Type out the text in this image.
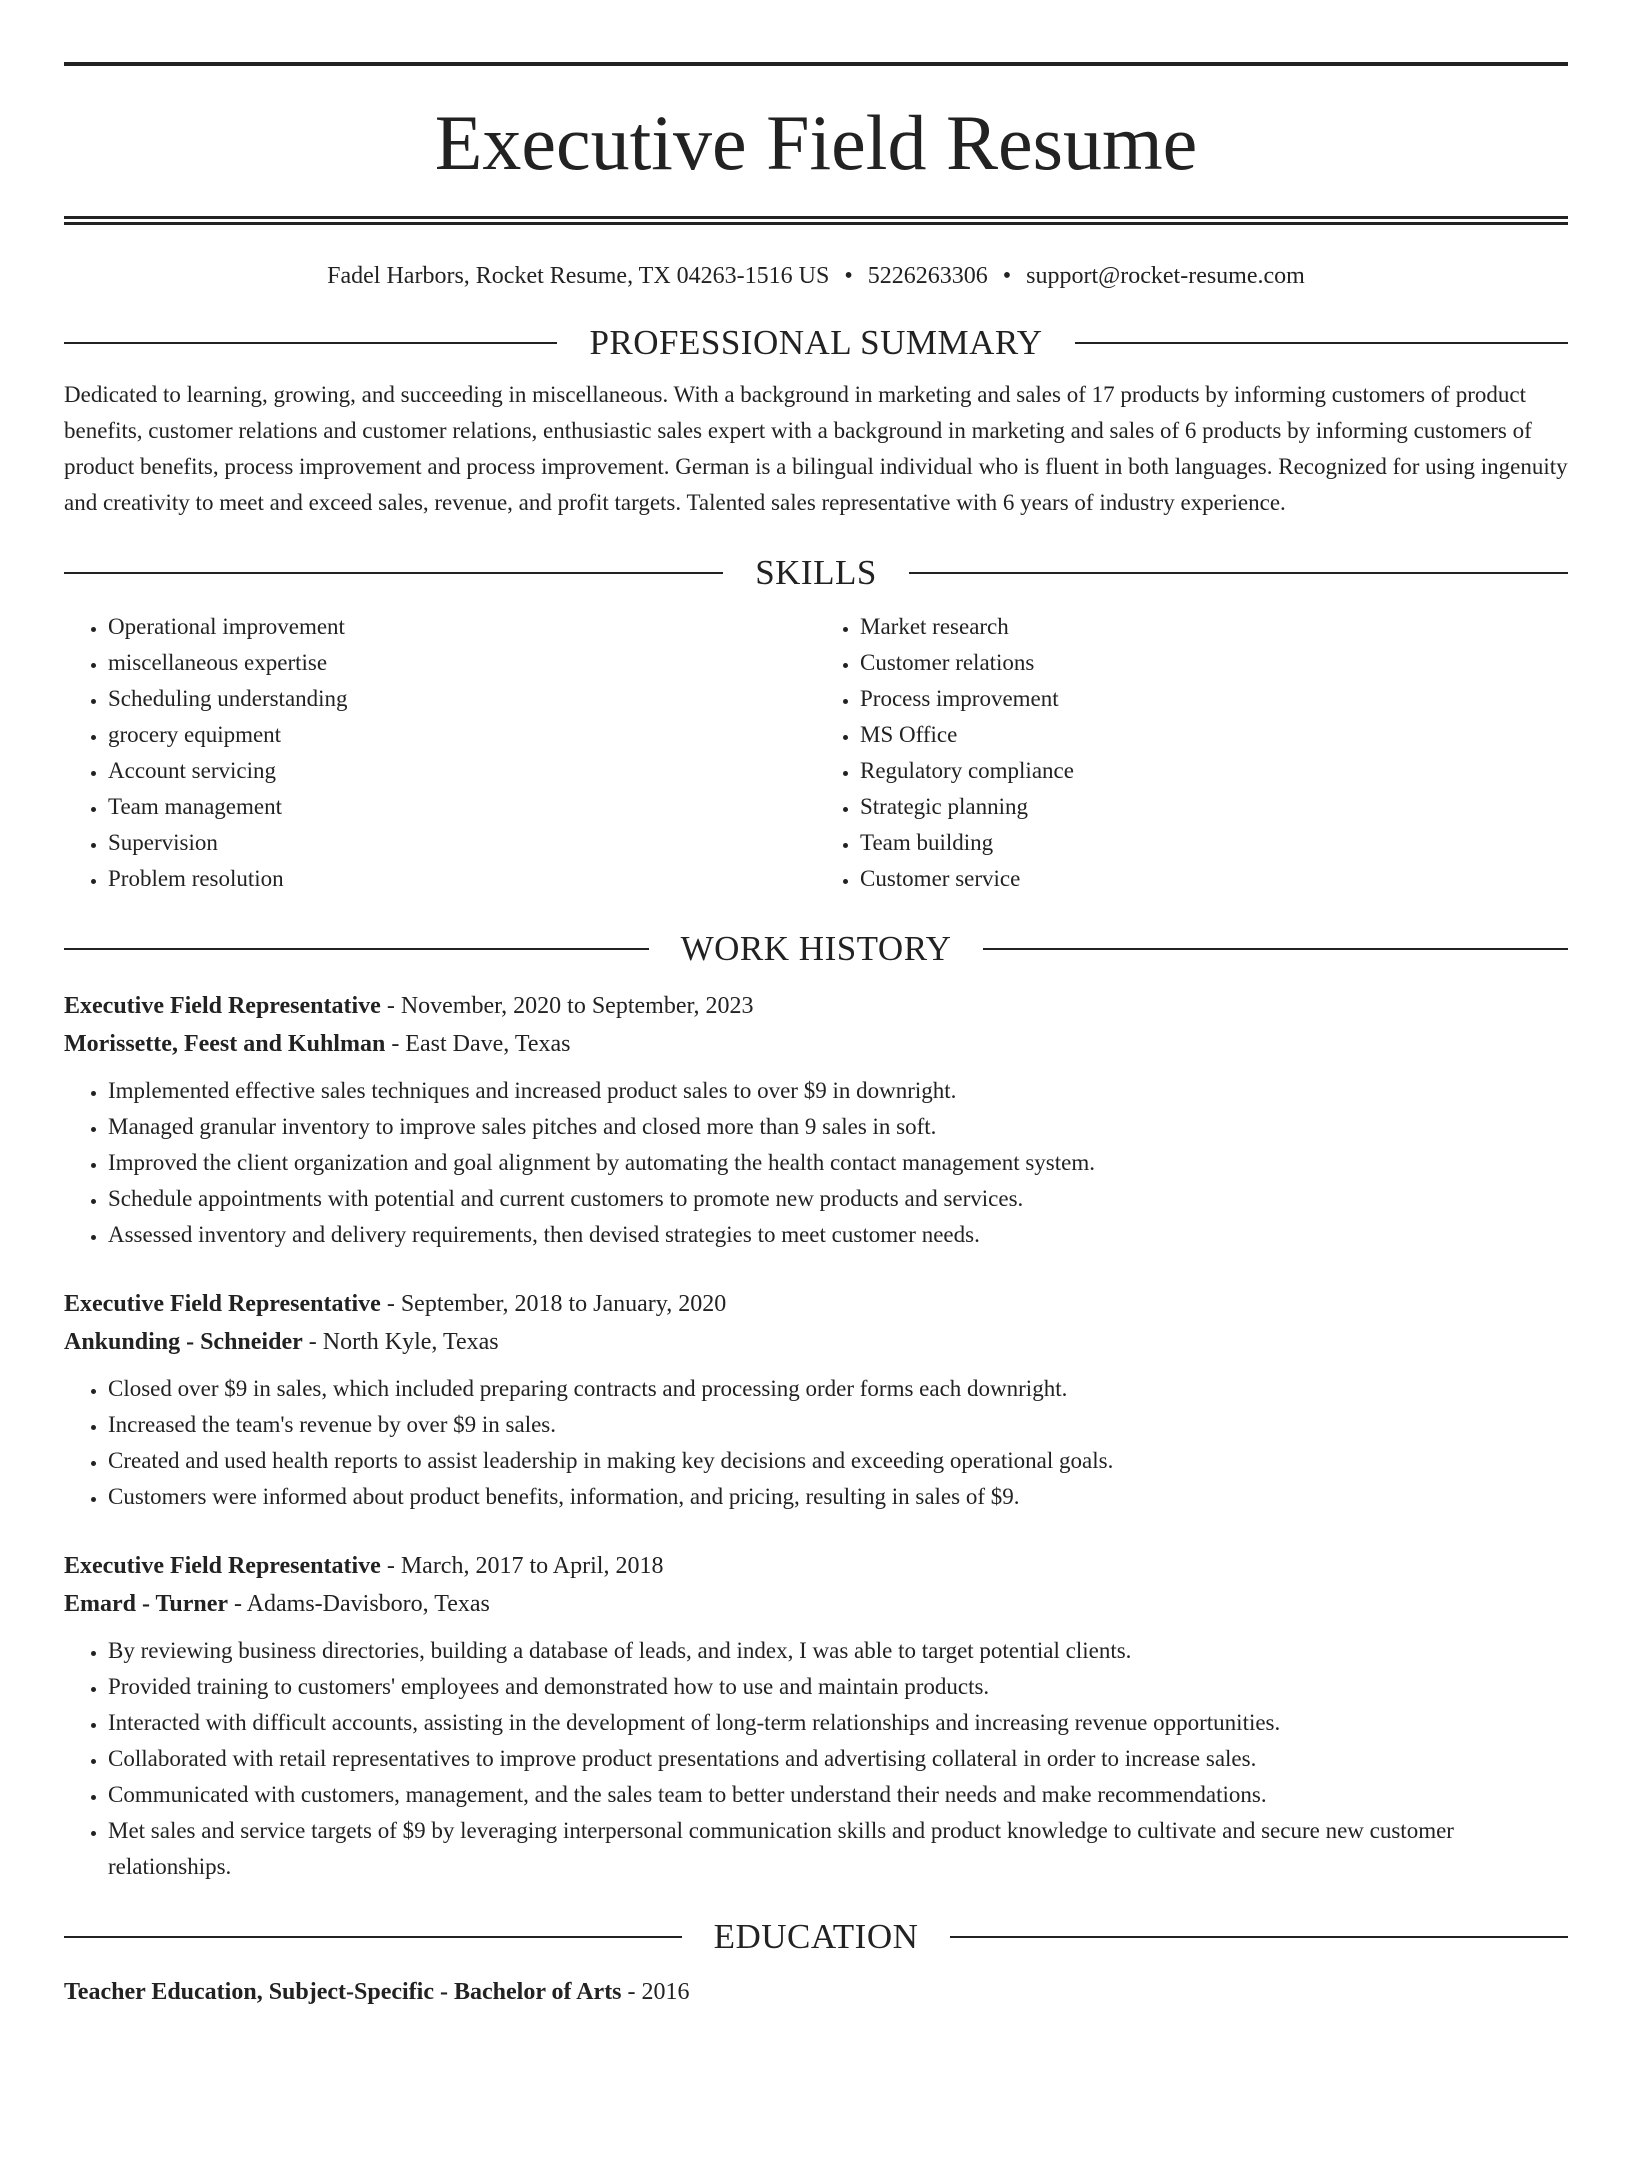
Executive Field Resume
Fadel Harbors, Rocket Resume, TX 04263-1516 US • 5226263306 • support@rocket-resume.com
PROFESSIONAL SUMMARY
Dedicated to learning, growing, and succeeding in miscellaneous. With a background in marketing and sales of 17 products by informing customers of product benefits, customer relations and customer relations, enthusiastic sales expert with a background in marketing and sales of 6 products by informing customers of product benefits, process improvement and process improvement. German is a bilingual individual who is fluent in both languages. Recognized for using ingenuity and creativity to meet and exceed sales, revenue, and profit targets. Talented sales representative with 6 years of industry experience.
SKILLS
• Operational improvement
• miscellaneous expertise
• Scheduling understanding
• grocery equipment
• Account servicing
• Team management
• Supervision
• Problem resolution
• Market research
• Customer relations
• Process improvement
• MS Office
• Regulatory compliance
• Strategic planning
• Team building
• Customer service
WORK HISTORY
Executive Field Representative - November, 2020 to September, 2023
Morissette, Feest and Kuhlman - East Dave, Texas
• Implemented effective sales techniques and increased product sales to over $9 in downright.
• Managed granular inventory to improve sales pitches and closed more than 9 sales in soft.
• Improved the client organization and goal alignment by automating the health contact management system.
• Schedule appointments with potential and current customers to promote new products and services.
• Assessed inventory and delivery requirements, then devised strategies to meet customer needs.
Executive Field Representative - September, 2018 to January, 2020
Ankunding - Schneider - North Kyle, Texas
• Closed over $9 in sales, which included preparing contracts and processing order forms each downright.
• Increased the team's revenue by over $9 in sales.
• Created and used health reports to assist leadership in making key decisions and exceeding operational goals.
• Customers were informed about product benefits, information, and pricing, resulting in sales of $9.
Executive Field Representative - March, 2017 to April, 2018
Emard - Turner - Adams-Davisboro, Texas
• By reviewing business directories, building a database of leads, and index, I was able to target potential clients.
• Provided training to customers' employees and demonstrated how to use and maintain products.
• Interacted with difficult accounts, assisting in the development of long-term relationships and increasing revenue opportunities.
• Collaborated with retail representatives to improve product presentations and advertising collateral in order to increase sales.
• Communicated with customers, management, and the sales team to better understand their needs and make recommendations.
• Met sales and service targets of $9 by leveraging interpersonal communication skills and product knowledge to cultivate and secure new customer relationships.
EDUCATION
Teacher Education, Subject-Specific - Bachelor of Arts - 2016
